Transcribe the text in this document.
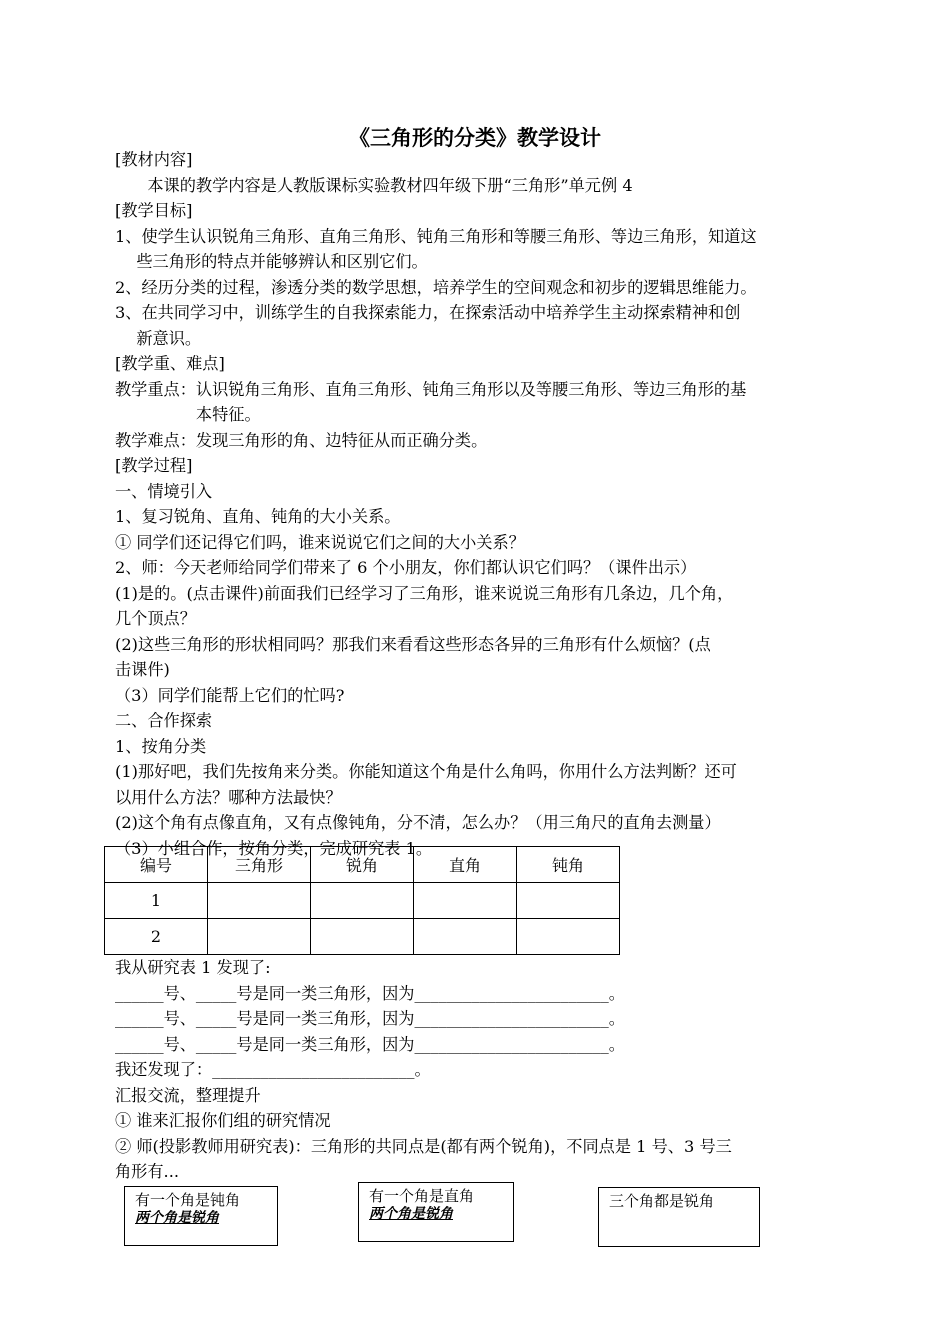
《三角形的分类》教学设计
[教材内容]
　　本课的教学内容是人教版课标实验教材四年级下册“三角形”单元例 4
[教学目标]
1、使学生认识锐角三角形、直角三角形、钝角三角形和等腰三角形、等边三角形，知道这
　 些三角形的特点并能够辨认和区别它们。
2、经历分类的过程，渗透分类的数学思想，培养学生的空间观念和初步的逻辑思维能力。
3、在共同学习中，训练学生的自我探索能力，在探索活动中培养学生主动探索精神和创
　 新意识。
[教学重、难点]
教学重点：认识锐角三角形、直角三角形、钝角三角形以及等腰三角形、等边三角形的基
　　　　　本特征。
教学难点：发现三角形的角、边特征从而正确分类。
[教学过程]
一、情境引入
1、复习锐角、直角、钝角的大小关系。
① 同学们还记得它们吗，谁来说说它们之间的大小关系？
2、师：今天老师给同学们带来了 6 个小朋友，你们都认识它们吗？（课件出示）
(1)是的。(点击课件)前面我们已经学习了三角形，谁来说说三角形有几条边，几个角，
几个顶点？
(2)这些三角形的形状相同吗？那我们来看看这些形态各异的三角形有什么烦恼？(点
击课件)
（3）同学们能帮上它们的忙吗?
二、合作探索
1、按角分类
(1)那好吧，我们先按角来分类。你能知道这个角是什么角吗，你用什么方法判断？还可
以用什么方法？哪种方法最快？
(2)这个角有点像直角，又有点像钝角，分不清，怎么办？（用三角尺的直角去测量）
（3）小组合作，按角分类，完成研究表 1。
编号	三角形	锐角	直角	钝角
1				
2				
我从研究表 1 发现了:
______号、_____号是同一类三角形，因为________________________。
______号、_____号是同一类三角形，因为________________________。
______号、_____号是同一类三角形，因为________________________。
我还发现了：_________________________。
汇报交流，整理提升
① 谁来汇报你们组的研究情况
② 师(投影教师用研究表)：三角形的共同点是(都有两个锐角)，不同点是 1 号、3 号三
角形有...
有一个角是钝角
两个角是锐角
有一个角是直角
两个角是锐角
三个角都是锐角
